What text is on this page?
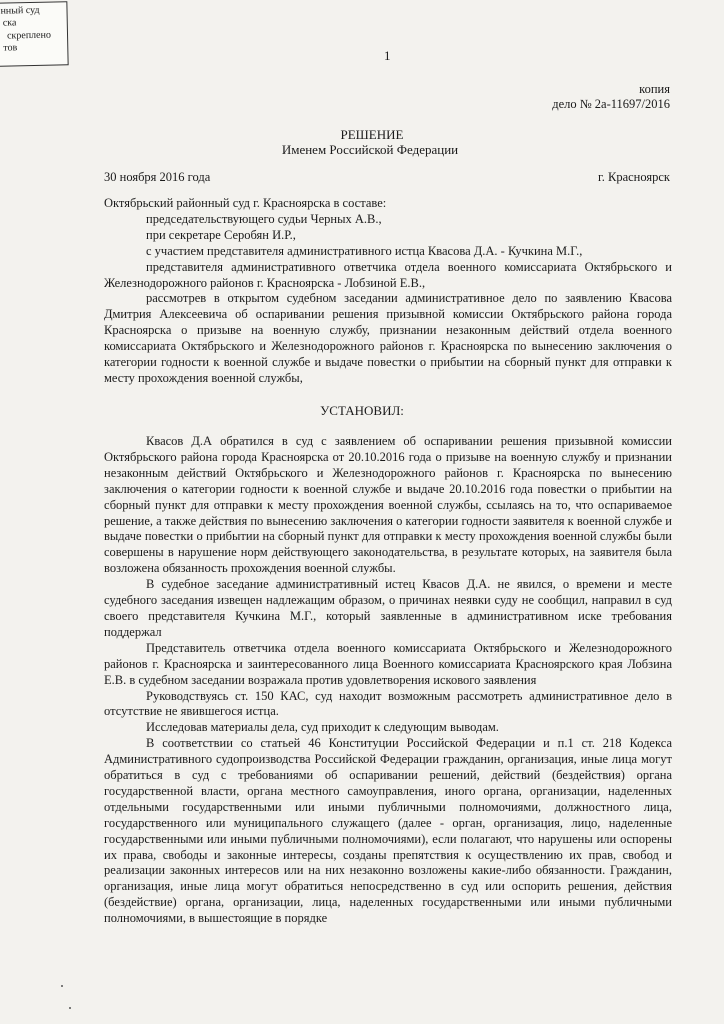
нный суд
ска
скреплено
тов	1
копия
дело № 2а-11697/2016
РЕШЕНИЕ
Именем Российской Федерации
30 ноября 2016 года	г. Красноярск

Октябрьский районный суд г. Красноярска в составе:

председательствующего судьи Черных А.В.,

при секретаре Серобян И.Р.,

с участием представителя административного истца Квасова Д.А. - Кучкина М.Г.,

представителя административного ответчика отдела военного комиссариата Октябрьского и Железнодорожного районов г. Красноярска - Лобзиной Е.В.,

рассмотрев в открытом судебном заседании административное дело по заявлению Квасова Дмитрия Алексеевича об оспаривании решения призывной комиссии Октябрьского района города Красноярска о призыве на военную службу, признании незаконным действий отдела военного комиссариата Октябрьского и Железнодорожного районов г. Красноярска по вынесению заключения о категории годности к военной службе и выдаче повестки о прибытии на сборный пункт для отправки к месту прохождения военной службы,

УСТАНОВИЛ:

Квасов Д.А обратился в суд с заявлением об оспаривании решения призывной комиссии Октябрьского района города Красноярска от 20.10.2016 года о призыве на военную службу и признании незаконным действий Октябрьского и Железнодорожного районов г. Красноярска по вынесению заключения о категории годности к военной службе и выдаче 20.10.2016 года повестки о прибытии на сборный пункт для отправки к месту прохождения военной службы, ссылаясь на то, что оспариваемое решение, а также действия по вынесению заключения о категории годности заявителя к военной службе и выдаче повестки о прибытии на сборный пункт для отправки к месту прохождения военной службы были совершены в нарушение норм действующего законодательства, в результате которых, на заявителя была возложена обязанность прохождения военной службы.

В судебное заседание административный истец Квасов Д.А. не явился, о времени и месте судебного заседания извещен надлежащим образом, о причинах неявки суду не сообщил, направил в суд своего представителя Кучкина М.Г., который заявленные в административном иске требования поддержал

Представитель ответчика отдела военного комиссариата Октябрьского и Железнодорожного районов г. Красноярска и заинтересованного лица Военного комиссариата Красноярского края Лобзина Е.В. в судебном заседании возражала против удовлетворения искового заявления

Руководствуясь ст. 150 КАС, суд находит возможным рассмотреть административное дело в отсутствие не явившегося истца.

Исследовав материалы дела, суд приходит к следующим выводам.

В соответствии со статьей 46 Конституции Российской Федерации и п.1 ст. 218 Кодекса Административного судопроизводства Российской Федерации гражданин, организация, иные лица могут обратиться в суд с требованиями об оспаривании решений, действий (бездействия) органа государственной власти, органа местного самоуправления, иного органа, организации, наделенных отдельными государственными или иными публичными полномочиями, должностного лица, государственного или муниципального служащего (далее - орган, организация, лицо, наделенные государственными или иными публичными полномочиями), если полагают, что нарушены или оспорены их права, свободы и законные интересы, созданы препятствия к осуществлению их прав, свобод и реализации законных интересов или на них незаконно возложены какие-либо обязанности. Гражданин, организация, иные лица могут обратиться непосредственно в суд или оспорить решения, действия (бездействие) органа, организации, лица, наделенных государственными или иными публичными полномочиями, в вышестоящие в порядке
